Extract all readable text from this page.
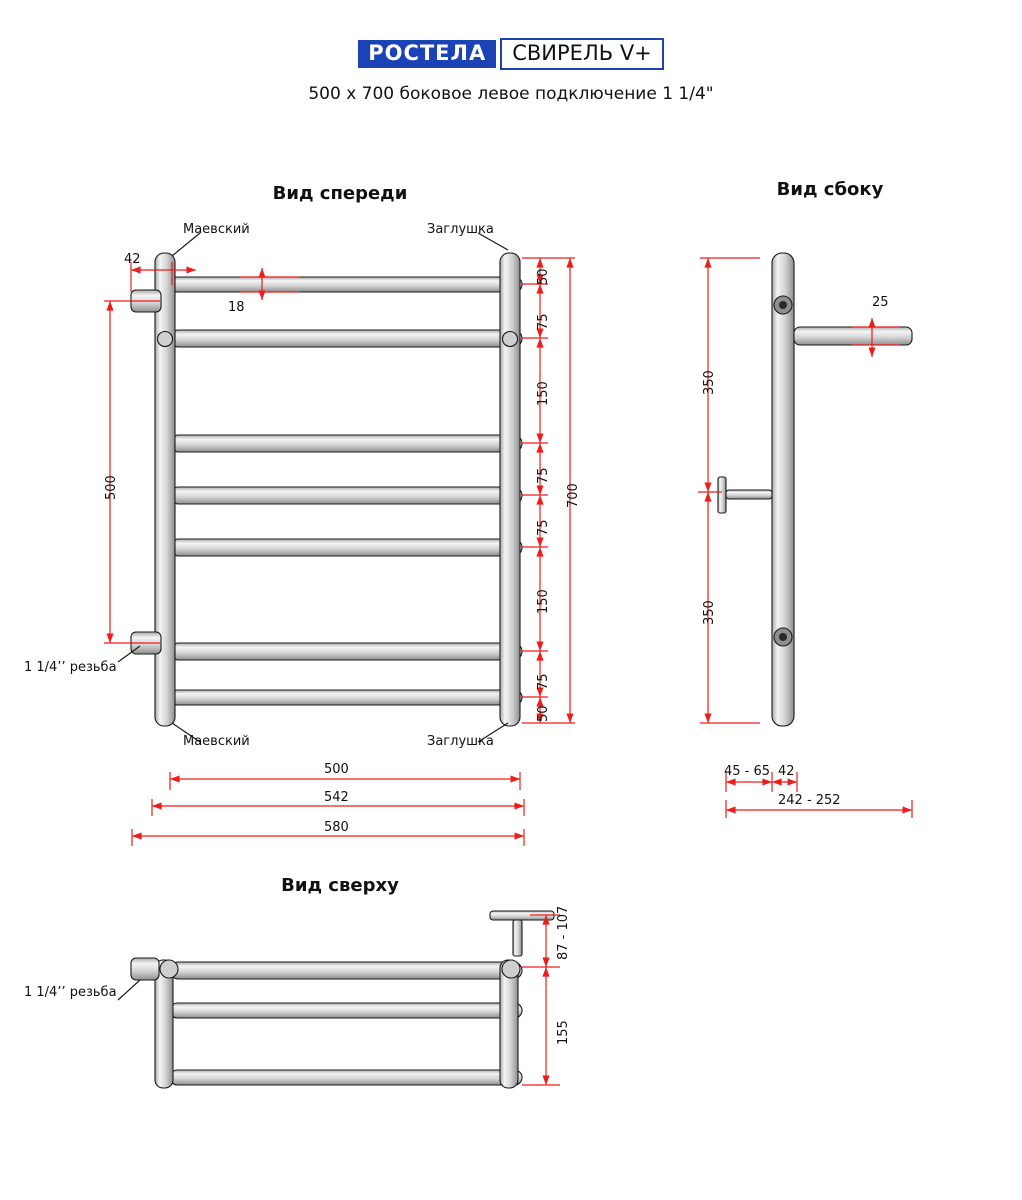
РОСТЕЛА	СВИРЕЛЬ V+
500 x 700 боковое левое подключение 1 1/4"
Вид спереди	Вид сбоку
Вид сверху
Маевский	Заглушка
Маевский	Заглушка
1 1/4’’ резьба
42
18
500
50
75
150
75
75
150
75
50
700
500
542
580
350
350
25
45 - 65 42
242 - 252
1 1/4’’ резьба
87 - 107
155
